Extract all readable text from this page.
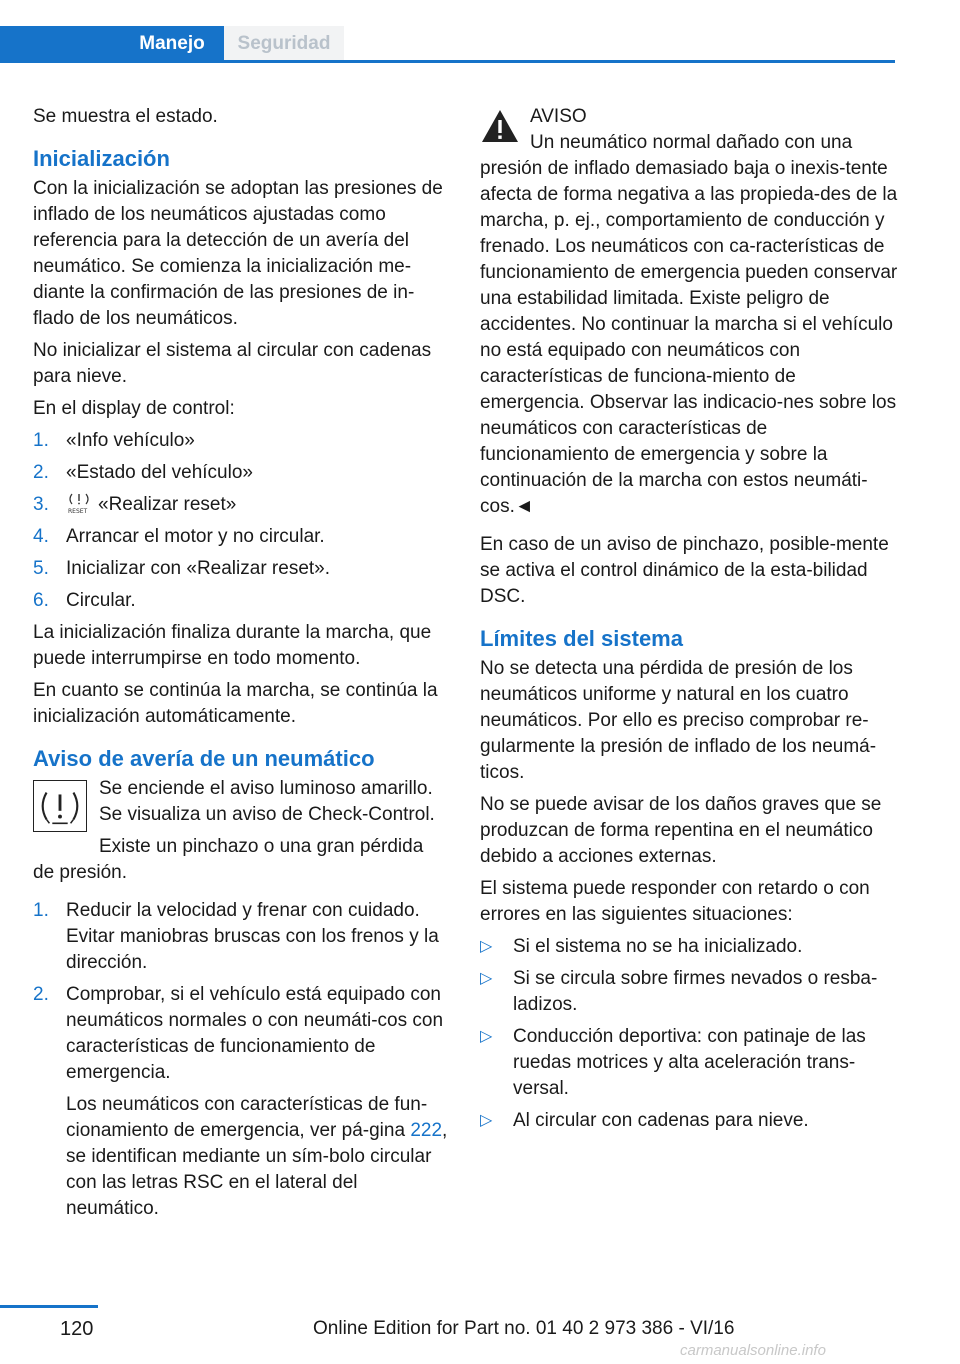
Manejo	Seguridad

Se muestra el estado.

Inicialización

Con la inicialización se adoptan las presiones de inflado de los neumáticos ajustadas como referencia para la detección de un avería del neumático. Se comienza la inicialización me-diante la confirmación de las presiones de in-flado de los neumáticos.

No inicializar el sistema al circular con cadenas para nieve.

En el display de control:

1. «Info vehículo»
2. «Estado del vehículo»
3.	RESET «Realizar reset»
4. Arrancar el motor y no circular.
5. Inicializar con «Realizar reset».
6. Circular.

La inicialización finaliza durante la marcha, que puede interrumpirse en todo momento.

En cuanto se continúa la marcha, se continúa la inicialización automáticamente.

Aviso de avería de un neumático

Se enciende el aviso luminoso amarillo. Se visualiza un aviso de Check-Control.

Existe un pinchazo o una gran pérdida

de presión.

1. Reducir la velocidad y frenar con cuidado. Evitar maniobras bruscas con los frenos y la dirección.
2. Comprobar, si el vehículo está equipado con neumáticos normales o con neumáti-cos con características de funcionamiento de emergencia.

Los neumáticos con características de fun-cionamiento de emergencia, ver pá-gina 222, se identifican mediante un sím-bolo circular con las letras RSC en el lateral del neumático.

AVISO

Un neumático normal dañado con una

presión de inflado demasiado baja o inexis-tente afecta de forma negativa a las propieda-des de la marcha, p. ej., comportamiento de conducción y frenado. Los neumáticos con ca-racterísticas de funcionamiento de emergencia pueden conservar una estabilidad limitada. Existe peligro de accidentes. No continuar la marcha si el vehículo no está equipado con neumáticos con características de funciona-miento de emergencia. Observar las indicacio-nes sobre los neumáticos con características de funcionamiento de emergencia y sobre la continuación de la marcha con estos neumáti-cos.◄

En caso de un aviso de pinchazo, posible-mente se activa el control dinámico de la esta-bilidad DSC.

Límites del sistema

No se detecta una pérdida de presión de los neumáticos uniforme y natural en los cuatro neumáticos. Por ello es preciso comprobar re-gularmente la presión de inflado de los neumá-ticos.

No se puede avisar de los daños graves que se produzcan de forma repentina en el neumático debido a acciones externas.

El sistema puede responder con retardo o con errores en las siguientes situaciones:

▷ Si el sistema no se ha inicializado.
▷ Si se circula sobre firmes nevados o resba-ladizos.
▷ Conducción deportiva: con patinaje de las ruedas motrices y alta aceleración trans-versal.
▷ Al circular con cadenas para nieve.
120	Online Edition for Part no. 01 40 2 973 386 - VI/16
carmanualsonline.info
